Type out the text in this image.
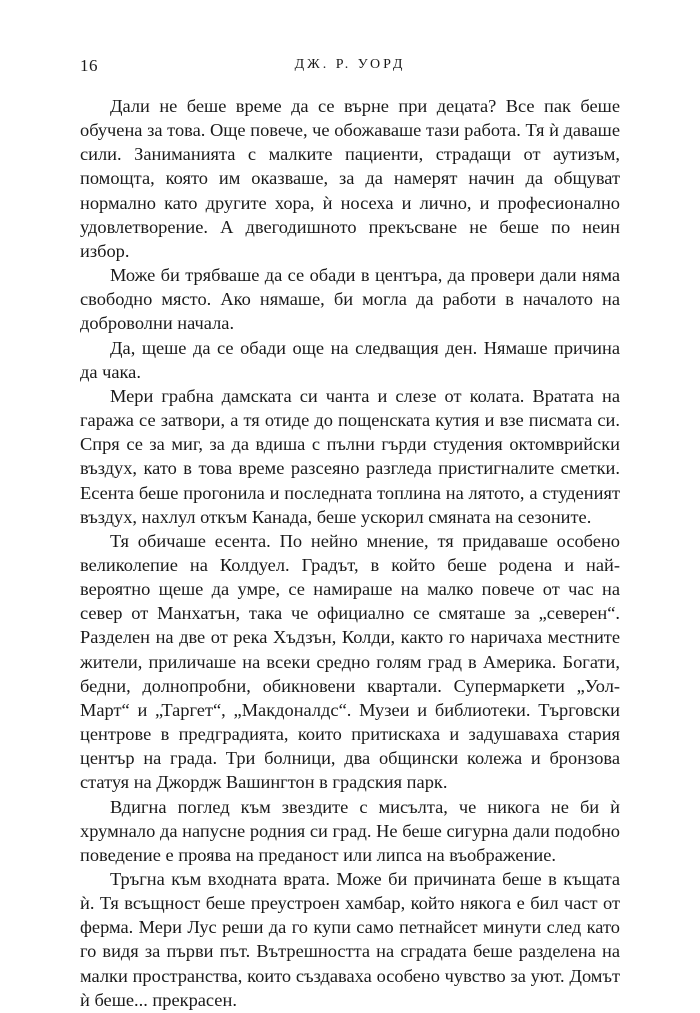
16	ДЖ. Р. УОРД

Дали не беше време да се върне при децата? Все пак беше обучена за това. Още повече, че обожаваше тази работа. Тя ѝ даваше сили. Заниманията с малките пациенти, страдащи от аутизъм, помощта, която им оказваше, за да намерят начин да общуват нормално като другите хора, ѝ носеха и лично, и професионално удовлетворение. А двегодишното прекъсване не беше по неин избор.

Може би трябваше да се обади в центъра, да провери дали няма свободно място. Ако нямаше, би могла да работи в началото на доброволни начала.

Да, щеше да се обади още на следващия ден. Нямаше причина да чака.

Мери грабна дамската си чанта и слезе от колата. Вратата на гаража се затвори, а тя отиде до пощенската кутия и взе писмата си. Спря се за миг, за да вдиша с пълни гърди студения октомврийски въздух, като в това време разсеяно разгледа пристигналите сметки. Есента беше прогонила и последната топлина на лятото, а студеният въздух, нахлул откъм Канада, беше ускорил смяната на сезоните.

Тя обичаше есента. По нейно мнение, тя придаваше особено великолепие на Колдуел. Градът, в който беше родена и най-вероятно щеше да умре, се намираше на малко повече от час на север от Манхатън, така че официално се смяташе за „северен“. Разделен на две от река Хъдзън, Колди, както го наричаха местните жители, приличаше на всеки средно голям град в Америка. Богати, бедни, долнопробни, обикновени квартали. Супермаркети „Уол-Март“ и „Таргет“, „Макдоналдс“. Музеи и библиотеки. Търговски центрове в предградията, които притискаха и задушаваха стария център на града. Три болници, два общински колежа и бронзова статуя на Джордж Вашингтон в градския парк.

Вдигна поглед към звездите с мисълта, че никога не би ѝ хрумнало да напусне родния си град. Не беше сигурна дали подобно поведение е проява на преданост или липса на въображение.

Тръгна към входната врата. Може би причината беше в къщата ѝ. Тя всъщност беше преустроен хамбар, който някога е бил част от ферма. Мери Лус реши да го купи само петнайсет минути след като го видя за първи път. Вътрешността на сградата беше разделена на малки пространства, които създаваха особено чувство за уют. Домът ѝ беше... прекрасен.
